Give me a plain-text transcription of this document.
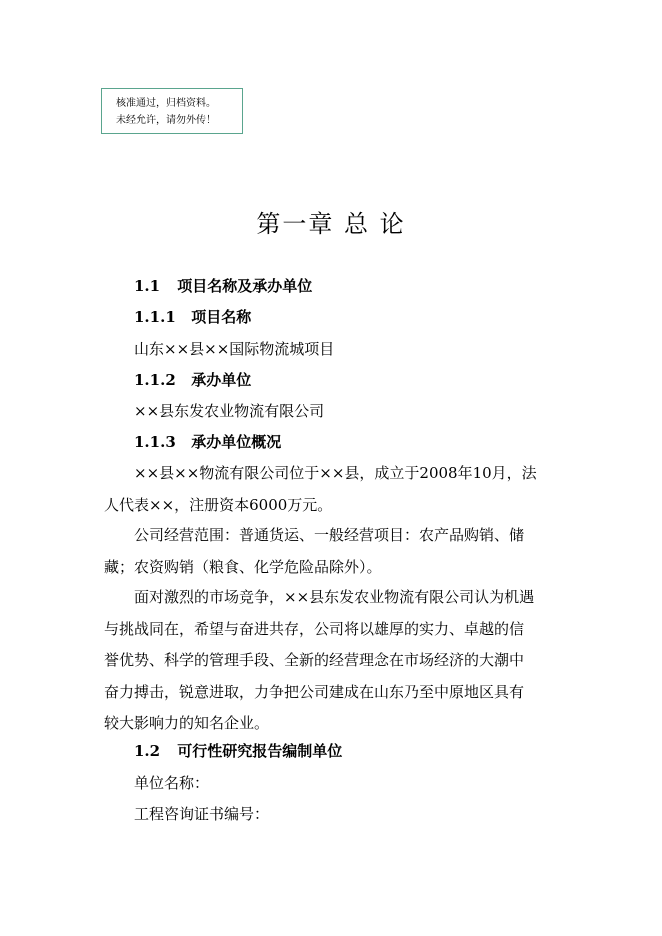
核准通过，归档资料。
未经允许，请勿外传！
第一章 总 论
1.1 项目名称及承办单位
1.1.1 项目名称
山东××县××国际物流城项目
1.1.2 承办单位
××县东发农业物流有限公司
1.1.3 承办单位概况
××县××物流有限公司位于××县，成立于2008年10月，法
人代表××，注册资本6000万元。
公司经营范围：普通货运、一般经营项目：农产品购销、储
藏；农资购销（粮食、化学危险品除外）。
面对激烈的市场竞争，××县东发农业物流有限公司认为机遇
与挑战同在，希望与奋进共存，公司将以雄厚的实力、卓越的信
誉优势、科学的管理手段、全新的经营理念在市场经济的大潮中
奋力搏击，锐意进取，力争把公司建成在山东乃至中原地区具有
较大影响力的知名企业。
1.2 可行性研究报告编制单位
单位名称：
工程咨询证书编号：
